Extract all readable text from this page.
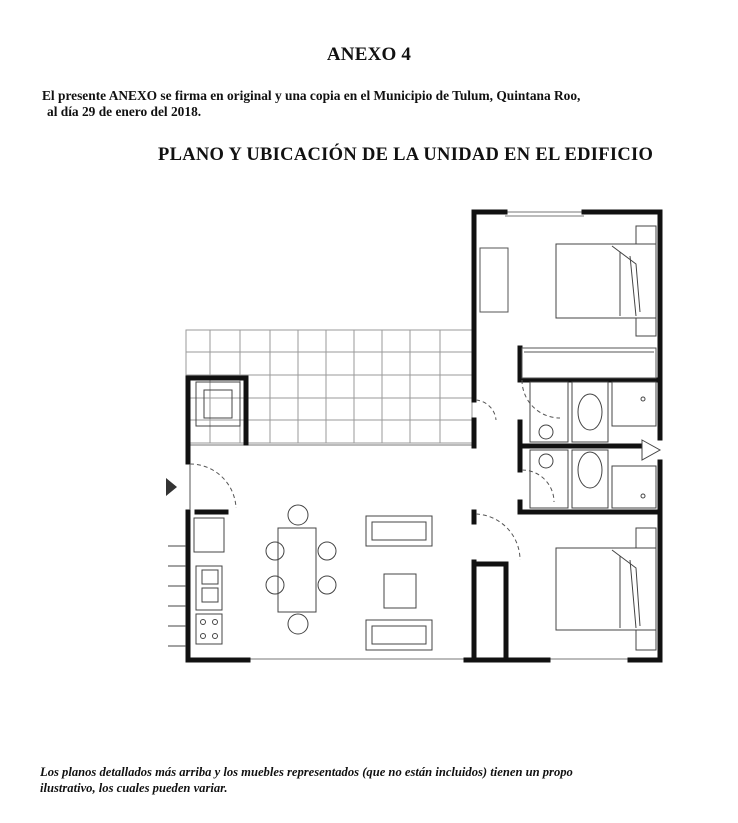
ANEXO 4
El presente ANEXO se firma en original y una copia en el Municipio de Tulum, Quintana Roo,
al día 29 de enero del 2018.
PLANO Y UBICACIÓN DE LA UNIDAD EN EL EDIFICIO
Los planos detallados más arriba y los muebles representados (que no están incluidos) tienen un propo
ilustrativo, los cuales pueden variar.
